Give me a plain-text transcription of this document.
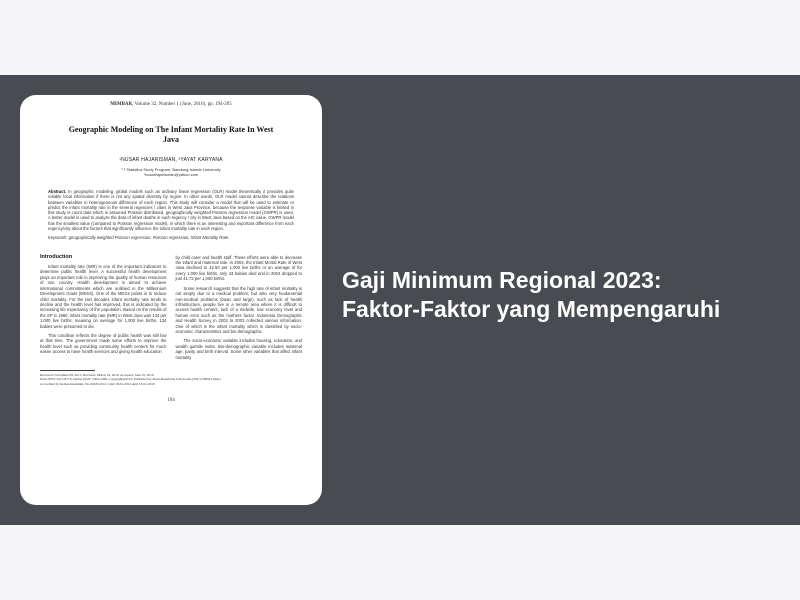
MIMBAR, Volume 32, Number 1 (June, 2016), pp. 194-205
Geographic Modeling on The Infant Mortality Rate In West Java
¹NUSAR HAJARISMAN, ²YAYAT KARYANA
¹,² Statistics Study Program, Bandung Islamic University
¹nusarhajarisman@yahoo.com
Abstract. In geographic modeling, global models such as ordinary linear regression (OLR) model theoretically it provides quite reliable local information if there is not any spatial diversity by region. In other words, OLR model cannot describe the relations between variables in heterogeneous difference of each region. This study will consider a model that will be used to estimate or predict the infant mortality rate in the several regencies / cities in West Java Province, because the response variable is limited in this study is count data which is assumed Poisson distributed, geographically weighted Poisson regression model (GWPR) is used. A better model is used to analyze the data of infant deaths in each regency / city in West Java based on the AIC value. GWPR model has the smallest value (compared to Poisson regression model), in which there is an interesting and important difference from each regency/city about the factors that significantly influence the infant mortality rate in each region.
Keywords: geographically weighted Poisson regression, Poisson regression, Infant Mortality Rate.
Introduction

Infant mortality rate (IMR) is one of the important indicators to determine public health level. A successful health development plays an important role in improving the quality of human resources of one country. Health development is aimed to achieve international commitments which are outlined in the Millennium Development Goals (MDGs). One of the MDGs points is to reduce child mortality. For the last decades infant mortality rate tends to decline and the health level has improved, this is indicated by the increasing life expectancy of the population. Based on the results of the SP in 1980, infant mortality rate (IMR) in West Java was 134 per 1,000 live births, meaning on average for 1,000 live births, 134 babies were presumed to die.

This condition reflects the degree of public health was still low at that time. The government made some efforts to improve the health level such as providing community health centers for much easier access to have health services and giving health education

by child carer and health staff. These efforts were able to decrease the infant and maternal rate. In 2003, the Infant Mortal Rate of West Java declined to 42.50 per 1,000 live births or an average of for every 1,000 live births, only 43 babies died and in 2004 dropped to just 41.72 per 1,000 births.

Some research suggests that the high rate of infant mortality is not simply due to a medical problem, but also very fundamental non-medical problems (basic and large), such as lack of health infrastructure, people live in a remote area where it is difficult to access health centers, lack of a midwife, low economy level and human error such as the mothers factor. Indonesia Demographic and Health Survey in 2002 to 2003 collected various information. One of which is the infant mortality which is classified by socio-economic characteristics and bio-demographic.

The socio-economic variable includes housing, education, and wealth quintile index. Bio-demographic variable includes maternal age, parity and birth interval. Some other variables that affect infant mortality

Received: November 09, 2015, Revision: March 16, 2016, Accepted: June 25, 2016
Print ISSN: 0215-8175; Online ISSN: 2303-2499. Copyright@2016. Published by Pusat Penerbitan Universitas (P2U) LPPM Unisba
Accredited by Kemenristekdikti, No.040/P/2014, valid 18-02-2014 until 18-02-2019
194
Gaji Minimum Regional 2023:
Faktor-Faktor yang Mempengaruhi
